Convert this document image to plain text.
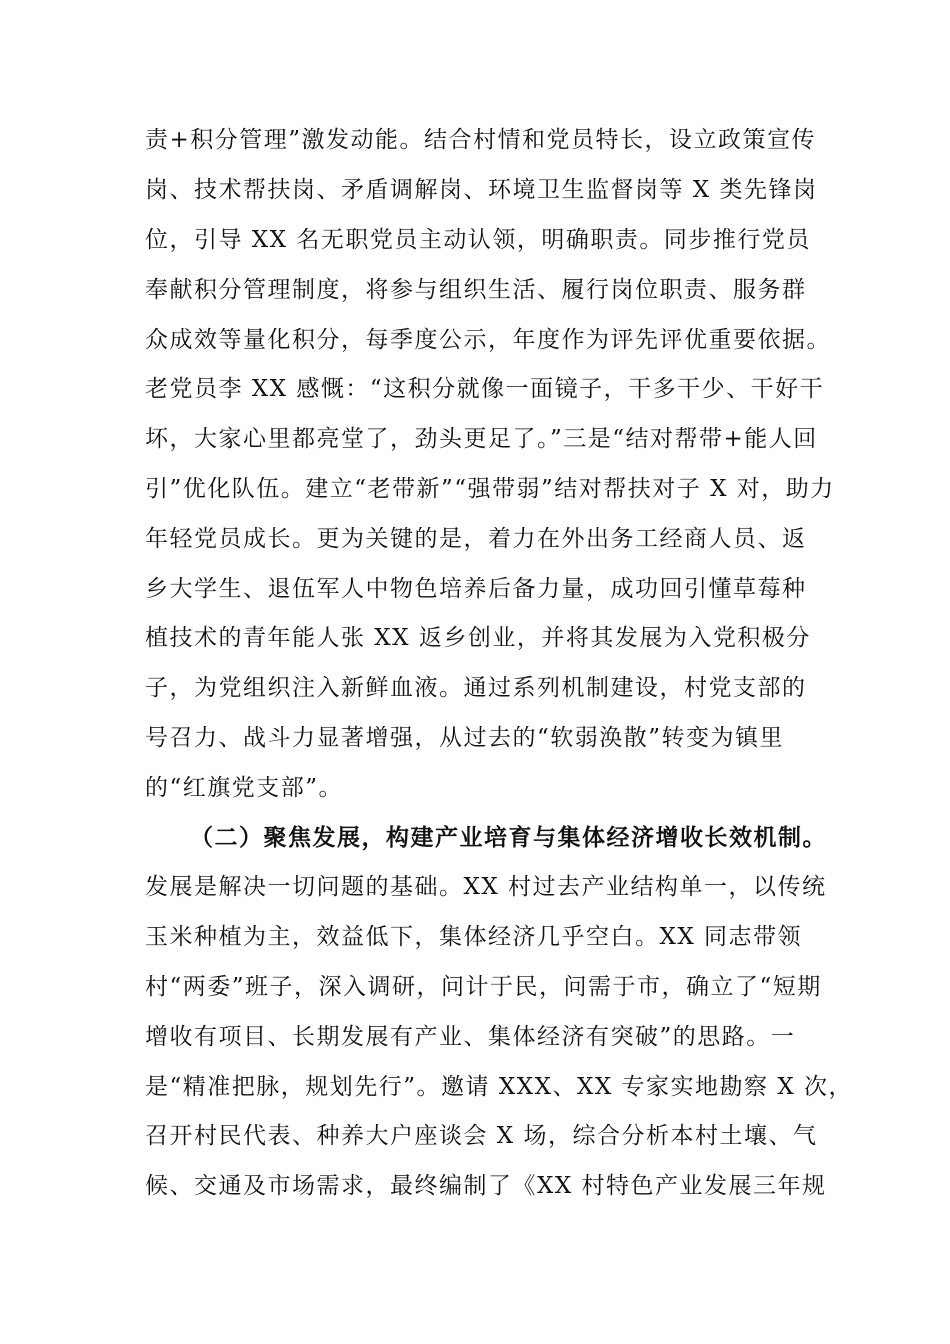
责+积分管理”激发动能。结合村情和党员特长，设立政策宣传
岗、技术帮扶岗、矛盾调解岗、环境卫生监督岗等 X 类先锋岗
位，引导 XX 名无职党员主动认领，明确职责。同步推行党员
奉献积分管理制度，将参与组织生活、履行岗位职责、服务群
众成效等量化积分，每季度公示，年度作为评先评优重要依据。
老党员李 XX 感慨：“这积分就像一面镜子，干多干少、干好干
坏，大家心里都亮堂了，劲头更足了。”三是“结对帮带+能人回
引”优化队伍。建立“老带新”“强带弱”结对帮扶对子 X 对，助力
年轻党员成长。更为关键的是，着力在外出务工经商人员、返
乡大学生、退伍军人中物色培养后备力量，成功回引懂草莓种
植技术的青年能人张 XX 返乡创业，并将其发展为入党积极分
子，为党组织注入新鲜血液。通过系列机制建设，村党支部的
号召力、战斗力显著增强，从过去的“软弱涣散”转变为镇里
的“红旗党支部”。
（二）聚焦发展，构建产业培育与集体经济增收长效机制。
发展是解决一切问题的基础。XX 村过去产业结构单一，以传统
玉米种植为主，效益低下，集体经济几乎空白。XX 同志带领
村“两委”班子，深入调研，问计于民，问需于市，确立了“短期
增收有项目、长期发展有产业、集体经济有突破”的思路。一
是“精准把脉，规划先行”。邀请 XXX、XX 专家实地勘察 X 次，
召开村民代表、种养大户座谈会 X 场，综合分析本村土壤、气
候、交通及市场需求，最终编制了《XX 村特色产业发展三年规
